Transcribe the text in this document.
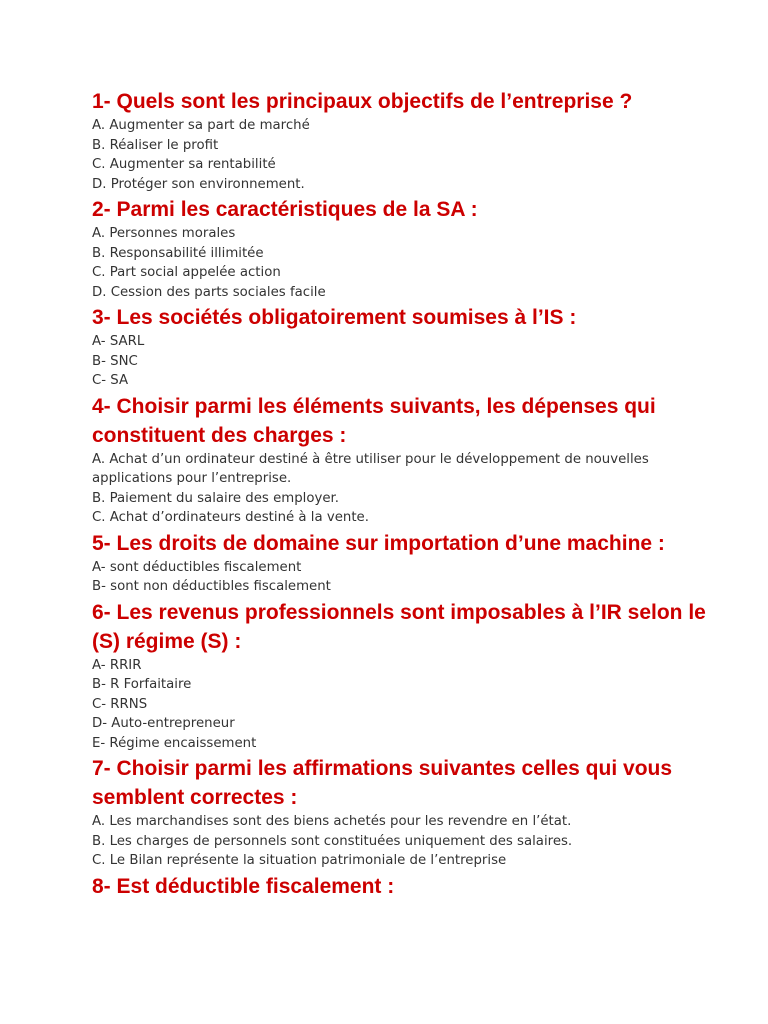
1- Quels sont les principaux objectifs de l’entreprise ?
A. Augmenter sa part de marché
B. Réaliser le profit
C. Augmenter sa rentabilité
D. Protéger son environnement.
2- Parmi les caractéristiques de la SA :
A. Personnes morales
B. Responsabilité illimitée
C. Part social appelée action
D. Cession des parts sociales facile
3- Les sociétés obligatoirement soumises à l’IS :
A- SARL
B- SNC
C- SA
4- Choisir parmi les éléments suivants, les dépenses qui constituent des charges :
A. Achat d’un ordinateur destiné à être utiliser pour le développement de nouvelles applications pour l’entreprise.
B. Paiement du salaire des employer.
C. Achat d’ordinateurs destiné à la vente.
5- Les droits de domaine sur importation d’une machine :
A- sont déductibles fiscalement
B- sont non déductibles fiscalement
6- Les revenus professionnels sont imposables à l’IR selon le (S) régime (S) :
A- RRIR
B- R Forfaitaire
C- RRNS
D- Auto-entrepreneur
E- Régime encaissement
7- Choisir parmi les affirmations suivantes celles qui vous semblent correctes :
A. Les marchandises sont des biens achetés pour les revendre en l’état.
B. Les charges de personnels sont constituées uniquement des salaires.
C. Le Bilan représente la situation patrimoniale de l’entreprise
8- Est déductible fiscalement :
